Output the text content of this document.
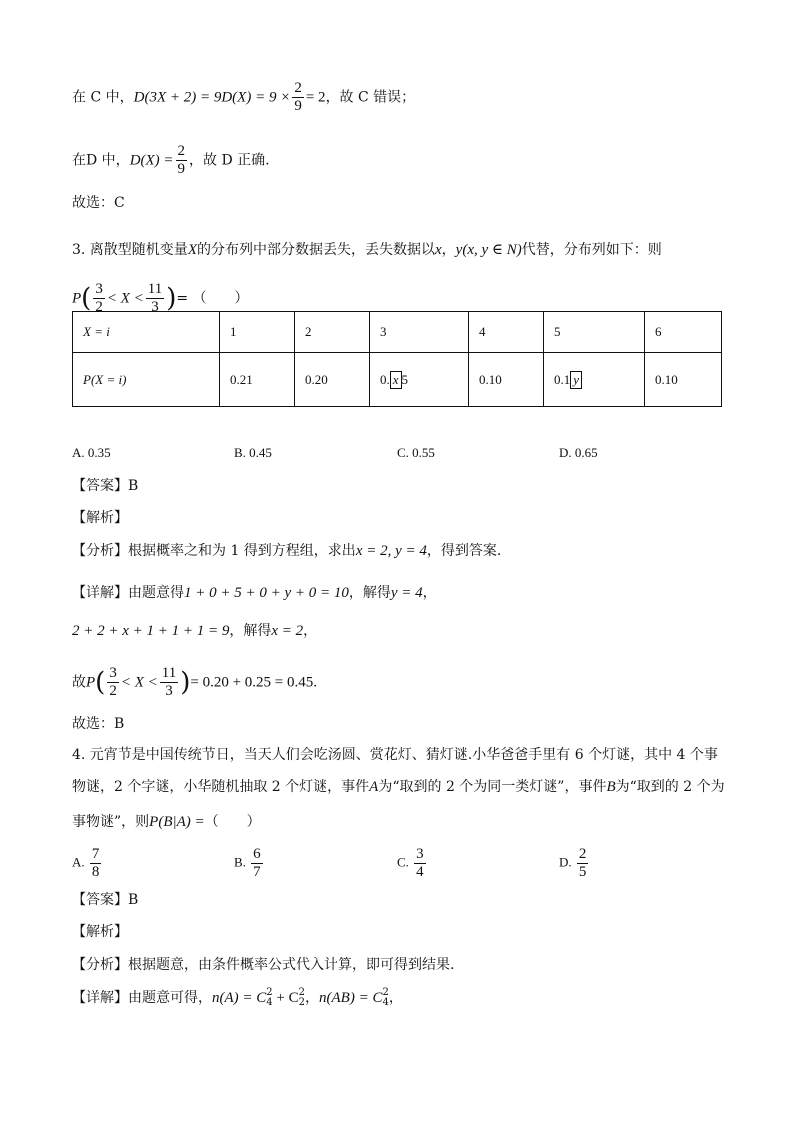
在 C 中，$D(3X + 2) = 9D(X) = 9 \times \frac{2}{9} = 2$，故 C 错误；
在D 中，$D(X) = \frac{2}{9}$ ，故 D 正确.
故选：C
3. 离散型随机变量X的分布列中部分数据丢失，丢失数据以x，y(x, y ∈ N)代替，分布列如下：则
$P( \frac{3}{2} < X < \frac{11}{3}$ )= （　　）
X = i	1	2	3	4	5	6
P(X = i)	0.21	0.20	0. x 5	0.10	0.1 y	0.10
A. 0.35	B. 0.45	C. 0.55	D. 0.65
【答案】B
【解析】
【分析】根据概率之和为 1 得到方程组，求出x = 2, y = 4，得到答案.
【详解】由题意得1 + 0 + 5 + 0 + y + 0 = 10，解得y = 4，
2 + 2 + x + 1 + 1 + 1 = 9，解得x = 2，
故$P( \frac{3}{2} < X < \frac{11}{3}$ )= 0.20 + 0.25 = 0.45.
故选：B
4. 元宵节是中国传统节日，当天人们会吃汤圆、赏花灯、猜灯谜.小华爸爸手里有 6 个灯谜，其中 4 个事
物谜，2 个字谜，小华随机抽取 2 个灯谜，事件A为“取到的 2 个为同一类灯谜”，事件B为“取到的 2 个为
事物谜”，则P(B|A) =（　　）
A. $\frac{7}{8}$	B. $\frac{6}{7}$	C. $\frac{3}{4}$	D. $\frac{2}{5}$
【答案】B
【解析】
【分析】根据题意，由条件概率公式代入计算，即可得到结果.
【详解】由题意可得，n(A) = C 2
4 + C 2
2 ，n(AB) = C 2
4 ，
